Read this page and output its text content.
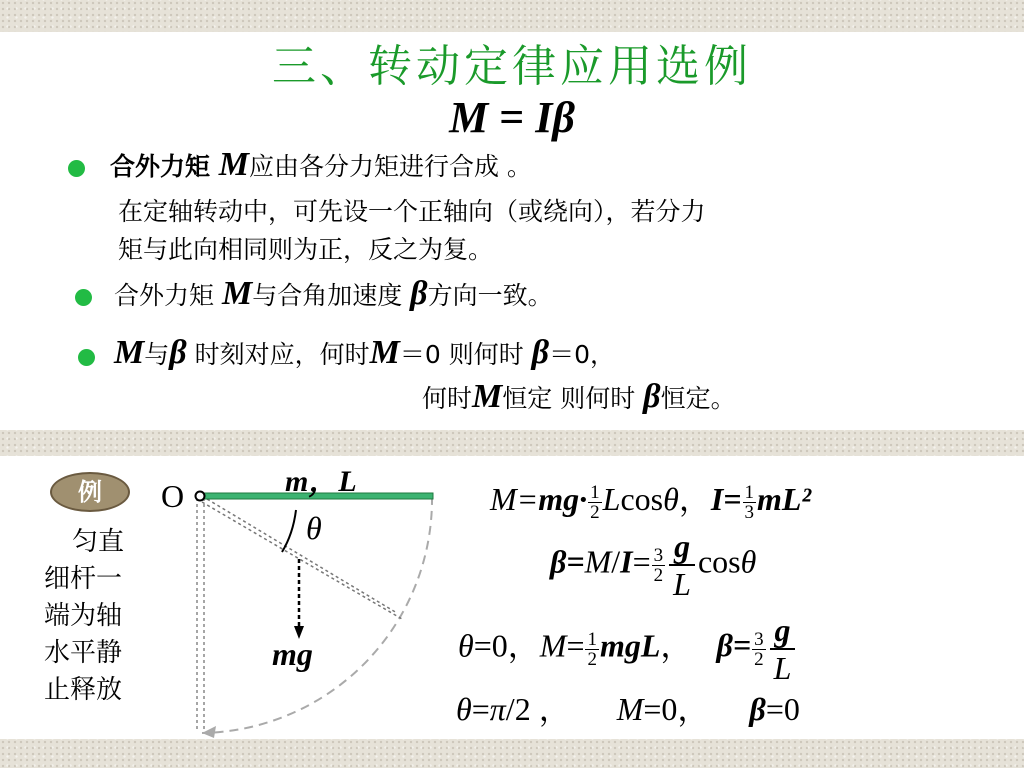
三、转动定律应用选例
M = Iβ
合外力矩 M应由各分力矩进行合成 。
在定轴转动中，可先设一个正轴向（或绕向），若分力
矩与此向相同则为正，反之为复。
合外力矩 M与合角加速度 β方向一致。
M与β 时刻对应，何时M＝0 则何时 β＝0，
何时M恒定 则何时 β恒定。
例
匀直
细杆一
端为轴
水平静
止释放
O	m，L
θ
mg
$M=mg\cdot \frac{1}{2}$ Lcosθ，$I= \frac{1}{3} mL^2$
$\beta=M/I= \frac{3}{2} \frac{g}{L}$ cosθ
θ=0，$M= \frac{1}{2}$ mgL， $\beta= \frac{3}{2} \frac{g}{L}$
θ=π/2 ， M=0， β=0
